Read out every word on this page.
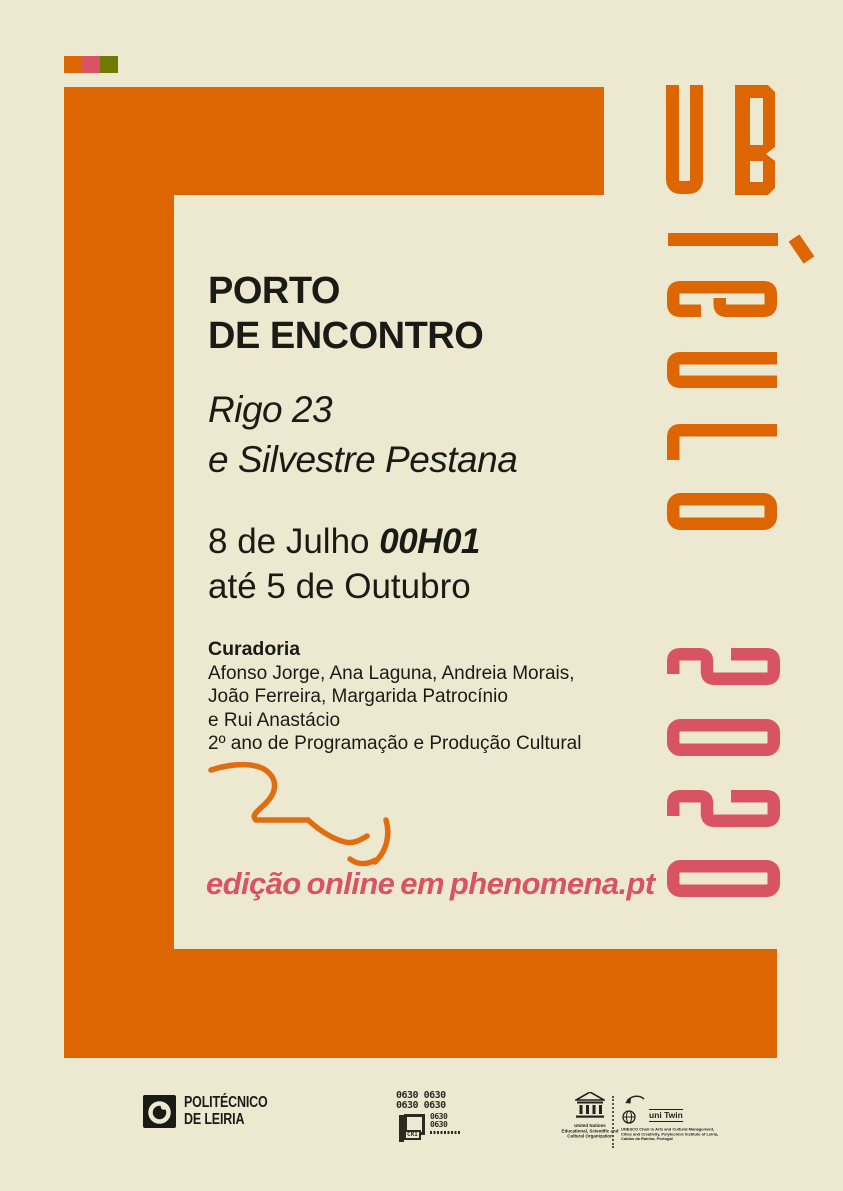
PORTO
DE ENCONTRO
Rigo 23
e Silvestre Pestana
8 de Julho 00H01
até 5 de Outubro
Curadoria
Afonso Jorge, Ana Laguna, Andreia Morais,
João Ferreira, Margarida Patrocínio
e Rui Anastácio
2º ano de Programação e Produção Cultural
edição online em phenomena.pt
POLITÉCNICO
DE LEIRIA
0630 0630
0630 0630
CRI
0630
0630	United Nations
Educational, Scientific and
Cultural Organization
uni Twin
UNESCO Chair in Arts and Cultural Management,
Cities and Creativity, Polytechnic Institute of Leiria,
Caldas da Rainha, Portugal
